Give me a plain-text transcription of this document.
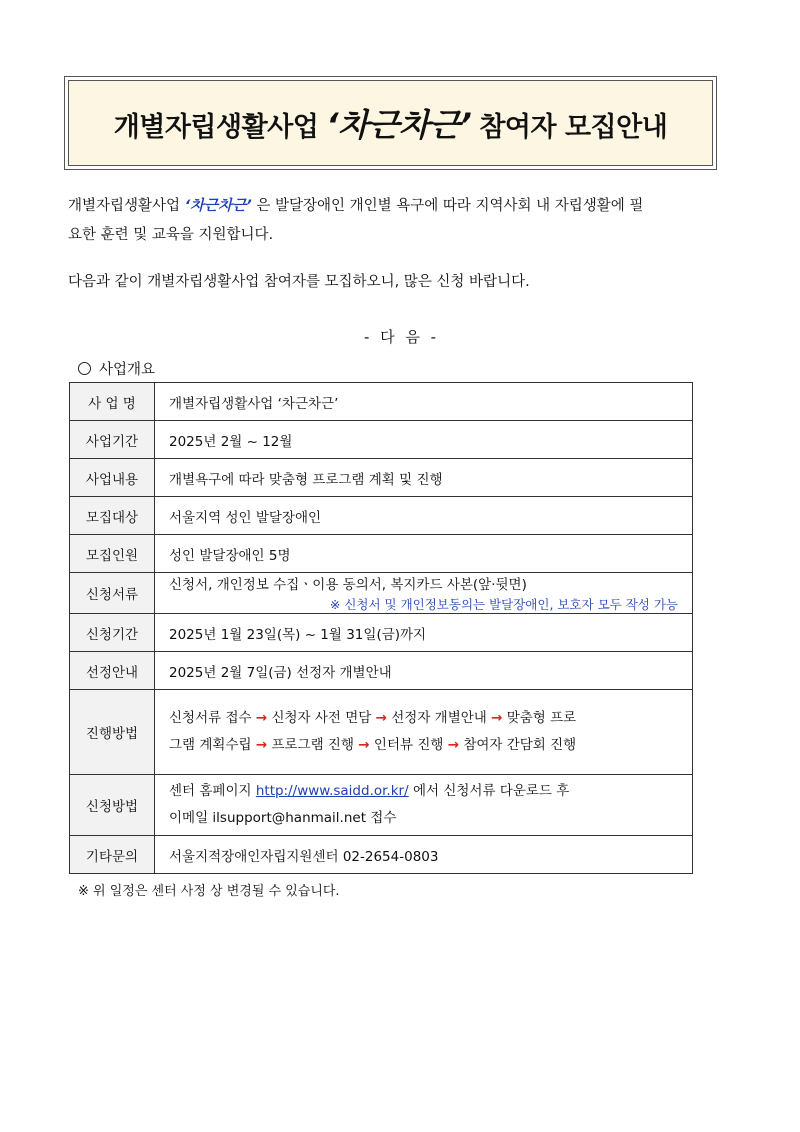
개별자립생활사업 ‘차근차근’ 참여자 모집안내
개별자립생활사업 ‘차근차근’ 은 발달장애인 개인별 욕구에 따라 지역사회 내 자립생활에 필
요한 훈련 및 교육을 지원합니다.
다음과 같이 개별자립생활사업 참여자를 모집하오니, 많은 신청 바랍니다.
- 다 음 -
사업개요
사 업 명	개별자립생활사업 ‘차근차근’
사업기간	2025년 2월 ~ 12월
사업내용	개별욕구에 따라 맞춤형 프로그램 계획 및 진행
모집대상	서울지역 성인 발달장애인
모집인원	성인 발달장애인 5명
신청서류	신청서, 개인정보 수집ㆍ이용 동의서, 복지카드 사본(앞·뒷면)
※ 신청서 및 개인정보동의는 발달장애인, 보호자 모두 작성 가능

신청기간	2025년 1월 23일(목) ~ 1월 31일(금)까지
선정안내	2025년 2월 7일(금) 선정자 개별안내
진행방법	신청서류 접수 → 신청자 사전 면담 → 선정자 개별안내 → 맞춤형 프로
그램 계획수립 → 프로그램 진행 → 인터뷰 진행 → 참여자 간담회 진행

신청방법	센터 홈페이지 http://www.saidd.or.kr/ 에서 신청서류 다운로드 후
이메일 ilsupport@hanmail.net 접수

기타문의	서울지적장애인자립지원센터 02-2654-0803
※ 위 일정은 센터 사정 상 변경될 수 있습니다.
